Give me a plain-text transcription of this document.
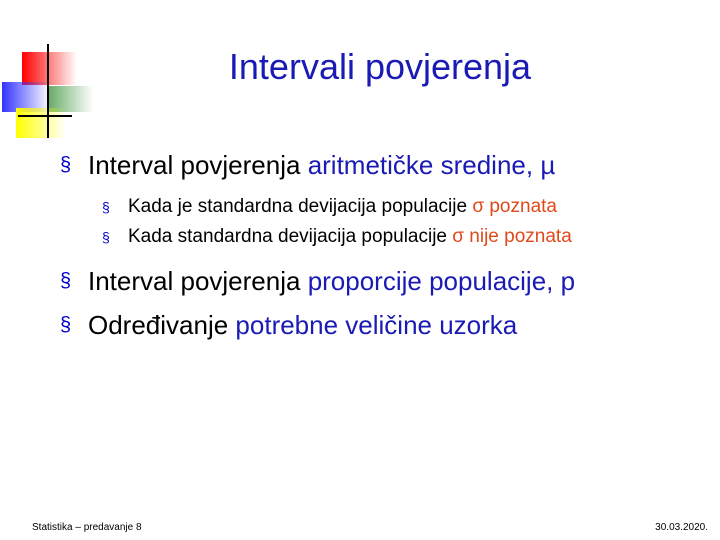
Intervali povjerenja
§ Interval povjerenja aritmetičke sredine, µ
§ Kada je standardna devijacija populacije σ poznata
§ Kada standardna devijacija populacije σ nije poznata
§ Interval povjerenja proporcije populacije, p
§ Određivanje potrebne veličine uzorka
Statistika – predavanje 8	30.03.2020.
